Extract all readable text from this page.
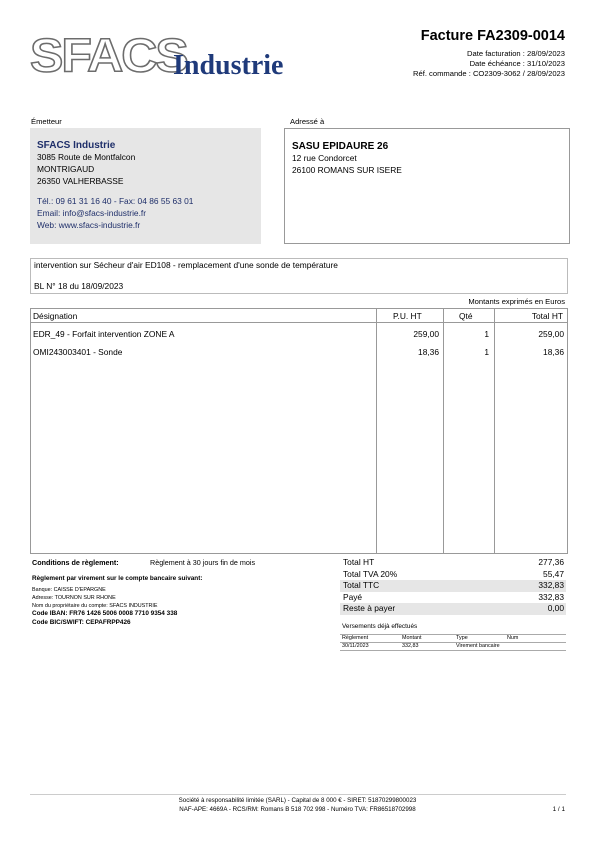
SFACS
Industrie
Facture FA2309-0014
Date facturation : 28/09/2023
Date échéance : 31/10/2023
Réf. commande : CO2309-3062 / 28/09/2023
Émetteur
SFACS Industrie
3085 Route de Montfalcon
MONTRIGAUD
26350 VALHERBASSE
Tél.: 09 61 31 16 40 - Fax: 04 86 55 63 01
Email: info@sfacs-industrie.fr
Web: www.sfacs-industrie.fr
Adressé à
SASU EPIDAURE 26
12 rue Condorcet
26100 ROMANS SUR ISERE
intervention sur Sécheur d'air ED108 - remplacement d'une sonde de température
BL N° 18 du 18/09/2023
Montants exprimés en Euros
Désignation	P.U. HT	Qté	Total HT
EDR_49 - Forfait intervention ZONE A	259,00	1	259,00
OMI243003401 - Sonde	18,36	1	18,36
Conditions de règlement:	Règlement à 30 jours fin de mois
Règlement par virement sur le compte bancaire suivant:
Banque: CAISSE D'EPARGNE
Adresse: TOURNON SUR RHONE
Nom du propriétaire du compte: SFACS INDUSTRIE
Code IBAN: FR76 1426 5006 0008 7710 9354 338
Code BIC/SWIFT: CEPAFRPP426
Total HT	277,36
Total TVA 20%	55,47
Total TTC	332,83
Payé	332,83
Reste à payer	0,00
Versements déjà effectués
Règlement	Montant	Type	Num
30/11/2023	332,83	Virement bancaire
Société à responsabilité limitée (SARL) - Capital de 8 000 € - SIRET: 51870299800023
NAF-APE: 4669A - RCS/RM: Romans B 518 702 998 - Numéro TVA: FR86518702998	1 / 1
